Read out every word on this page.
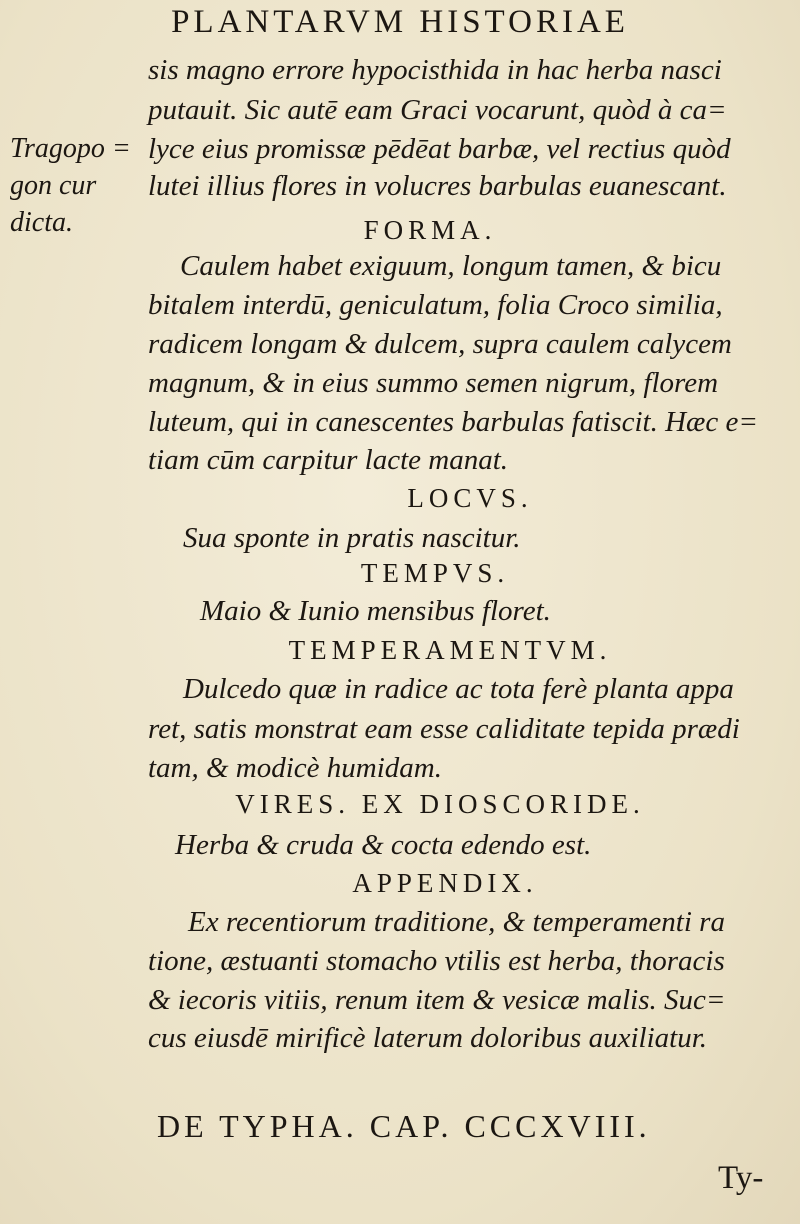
PLANTARVM HISTORIAE
Tragopo =
gon cur
dicta.
sis magno errore hypocisthida in hac herba nasci
putauit. Sic autē eam Graci vocarunt, quòd à ca=
lyce eius promissæ pēdēat barbæ, vel rectius quòd
lutei illius flores in volucres barbulas euanescant.
FORMA.
Caulem habet exiguum, longum tamen, & bicu
bitalem interdū, geniculatum, folia Croco similia,
radicem longam & dulcem, supra caulem calycem
magnum, & in eius summo semen nigrum, florem
luteum, qui in canescentes barbulas fatiscit. Hæc e=
tiam cūm carpitur lacte manat.
LOCVS.
Sua sponte in pratis nascitur.
TEMPVS.
Maio & Iunio mensibus floret.
TEMPERAMENTVM.
Dulcedo quæ in radice ac tota ferè planta appa
ret, satis monstrat eam esse caliditate tepida prædi
tam, & modicè humidam.
VIRES. EX DIOSCORIDE.
Herba & cruda & cocta edendo est.
APPENDIX.
Ex recentiorum traditione, & temperamenti ra
tione, æstuanti stomacho vtilis est herba, thoracis
& iecoris vitiis, renum item & vesicæ malis. Suc=
cus eiusdē mirificè laterum doloribus auxiliatur.
DE TYPHA. CAP. CCCXVIII.
Ty-
